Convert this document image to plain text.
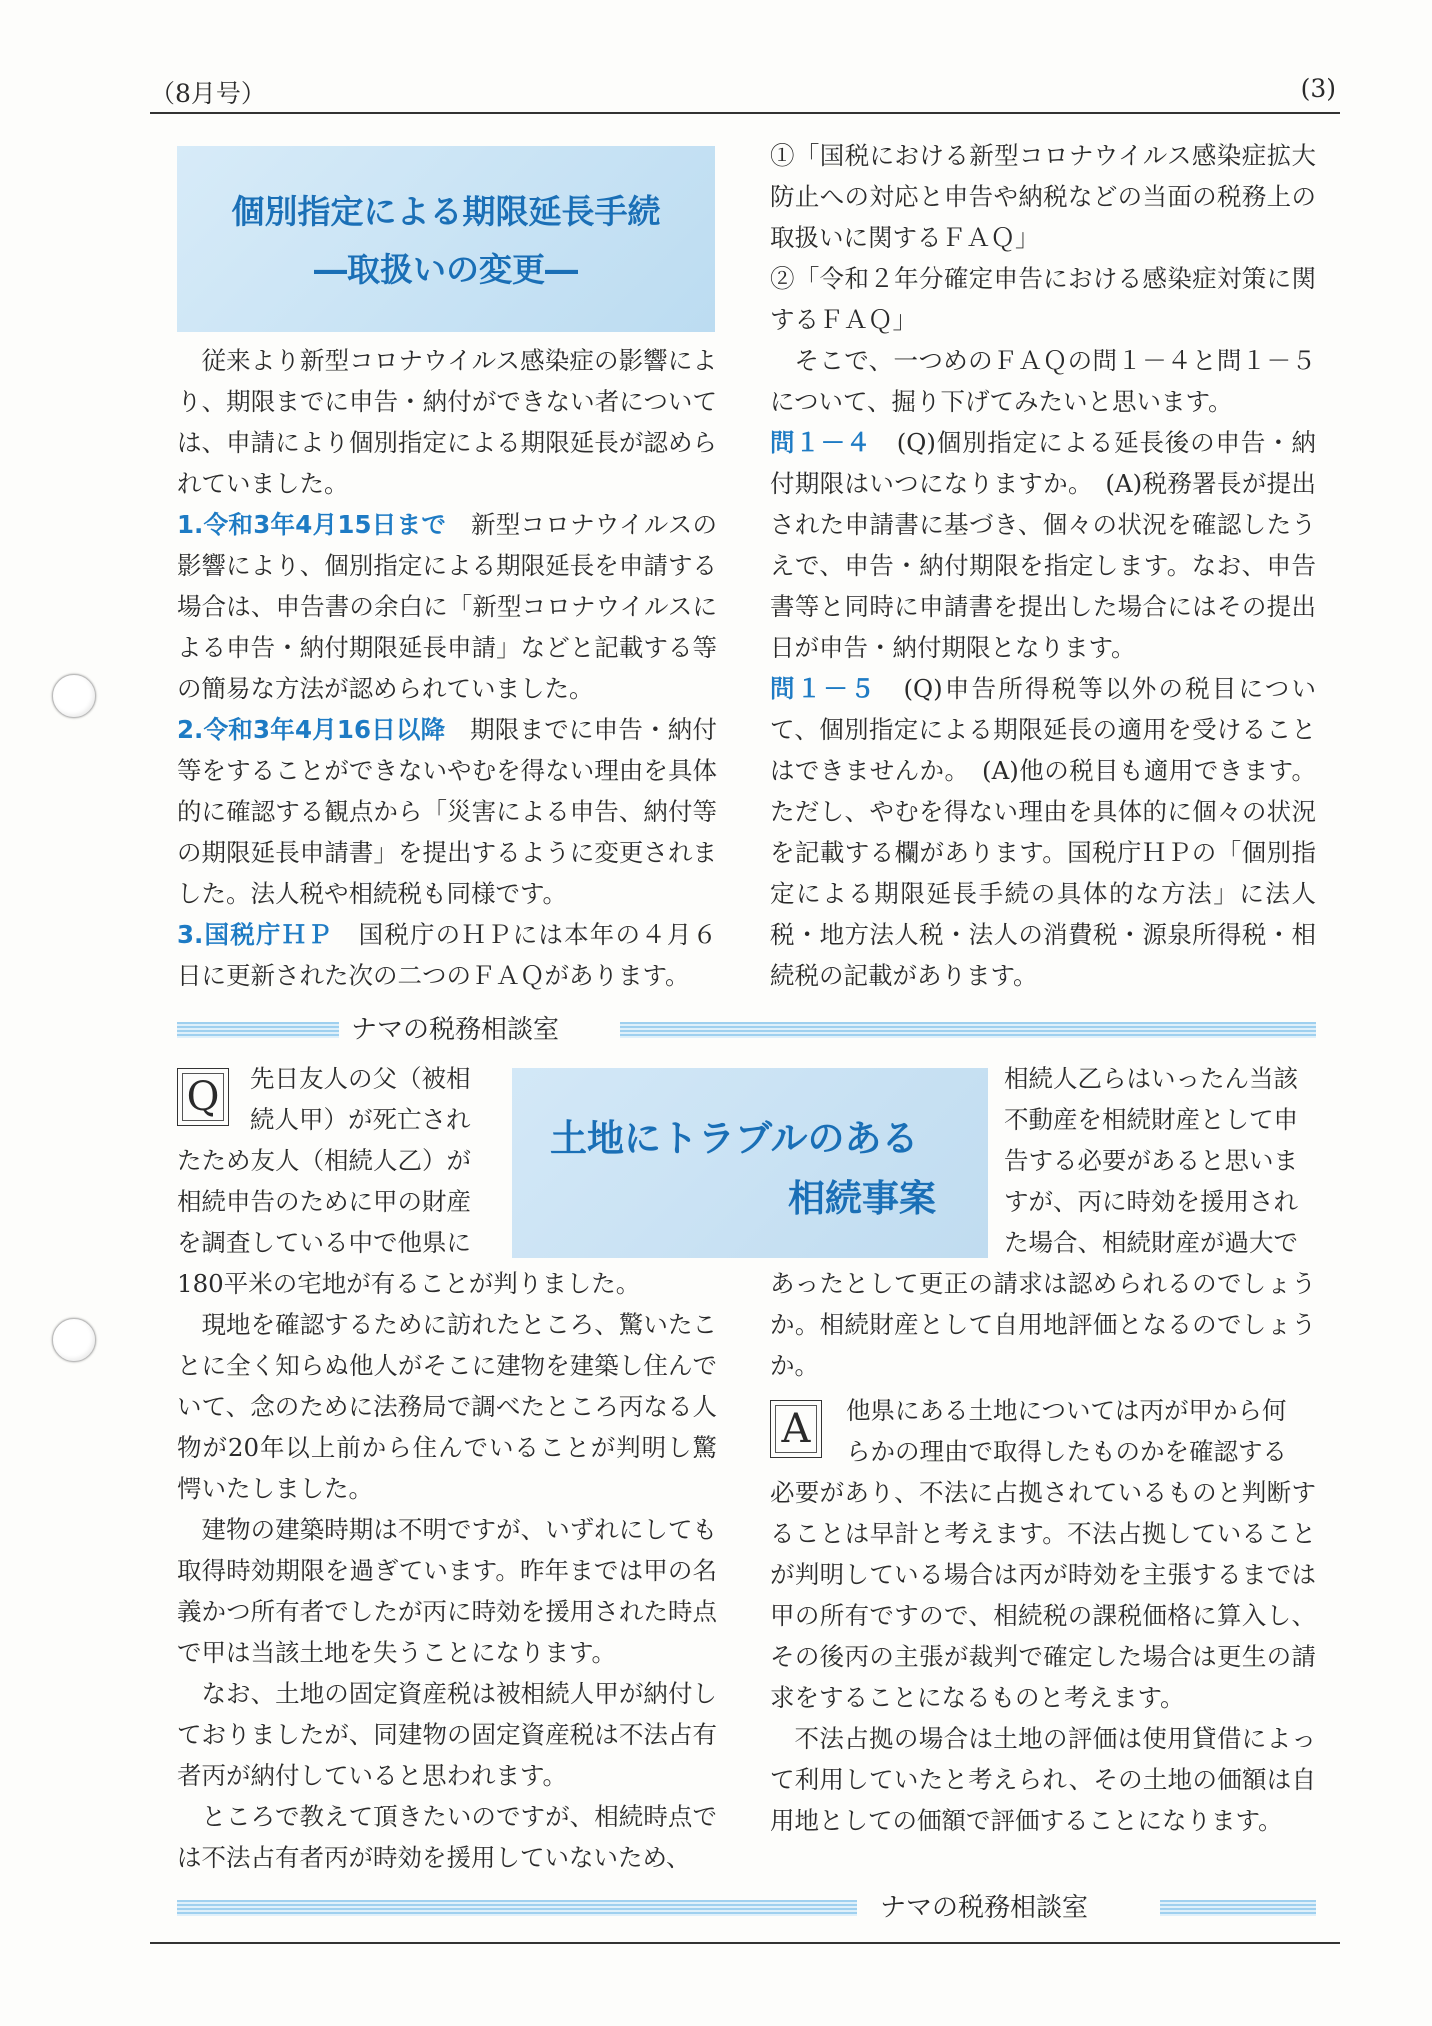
（8月号）	(3)
個別指定による期限延長手続
―取扱いの変更―

従来より新型コロナウイルス感染症の影響により、期限までに申告・納付ができない者については、申請により個別指定による期限延長が認められていました。

1.令和3年4月15日まで　 新型コロナウイルスの影響により、個別指定による期限延長を申請する場合は、申告書の余白に「新型コロナウイルスによる申告・納付期限延長申請」などと記載する等の簡易な方法が認められていました。

2.令和3年4月16日以降　 期限までに申告・納付等をすることができないやむを得ない理由を具体的に確認する観点から「災害による申告、納付等の期限延長申請書」を提出するように変更されました。法人税や相続税も同様です。

3.国税庁ＨＰ　 国税庁のＨＰには本年の４月６日に更新された次の二つのＦＡＱがあります。

①「国税における新型コロナウイルス感染症拡大防止への対応と申告や納税などの当面の税務上の取扱いに関するＦＡＱ」

②「令和２年分確定申告における感染症対策に関するＦＡＱ」

そこで、一つめのＦＡＱの問１－４と問１－５について、掘り下げてみたいと思います。

問１－４　 (Q)個別指定による延長後の申告・納付期限はいつになりますか。　(A)税務署長が提出された申請書に基づき、個々の状況を確認したうえで、申告・納付期限を指定します。なお、申告書等と同時に申請書を提出した場合にはその提出日が申告・納付期限となります。

問１－５　 (Q)申告所得税等以外の税目について、個別指定による期限延長の適用を受けることはできませんか。　(A)他の税目も適用できます。ただし、やむを得ない理由を具体的に個々の状況を記載する欄があります。国税庁ＨＰの「個別指定による期限延長手続の具体的な方法」に法人税・地方法人税・法人の消費税・源泉所得税・相続税の記載があります。

ナマの税務相談室
土地にトラブルのある
相続事案
Q	先日友人の父（被相
続人甲）が死亡され
たため友人（相続人乙）が
相続申告のために甲の財産
を調査している中で他県に

180平米の宅地が有ることが判りました。

現地を確認するために訪れたところ、驚いたことに全く知らぬ他人がそこに建物を建築し住んでいて、念のために法務局で調べたところ丙なる人物が20年以上前から住んでいることが判明し驚愕いたしました。

建物の建築時期は不明ですが、いずれにしても取得時効期限を過ぎています。昨年までは甲の名義かつ所有者でしたが丙に時効を援用された時点で甲は当該土地を失うことになります。

なお、土地の固定資産税は被相続人甲が納付しておりましたが、同建物の固定資産税は不法占有者丙が納付していると思われます。

ところで教えて頂きたいのですが、相続時点では不法占有者丙が時効を援用していないため、

相続人乙らはいったん当該
不動産を相続財産として申
告する必要があると思いま
すが、丙に時効を援用され
た場合、相続財産が過大で

あったとして更正の請求は認められるのでしょうか。相続財産として自用地評価となるのでしょうか。

A	他県にある土地については丙が甲から何
らかの理由で取得したものかを確認する

必要があり、不法に占拠されているものと判断することは早計と考えます。不法占拠していることが判明している場合は丙が時効を主張するまでは甲の所有ですので、相続税の課税価格に算入し、その後丙の主張が裁判で確定した場合は更生の請求をすることになるものと考えます。

不法占拠の場合は土地の評価は使用貸借によって利用していたと考えられ、その土地の価額は自用地としての価額で評価することになります。

ナマの税務相談室
